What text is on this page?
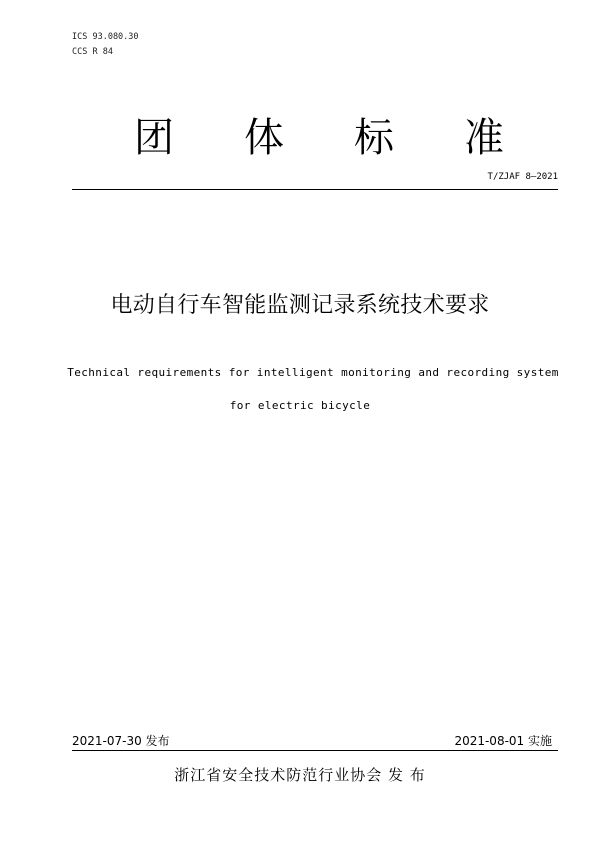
ICS 93.080.30
CCS R 84
团 体 标 准
T/ZJAF 8—2021
电动自行车智能监测记录系统技术要求
Technical requirements for intelligent monitoring and recording system
for electric bicycle
2021-07-30 发布	2021-08-01 实施
浙江省安全技术防范行业协会 发 布
